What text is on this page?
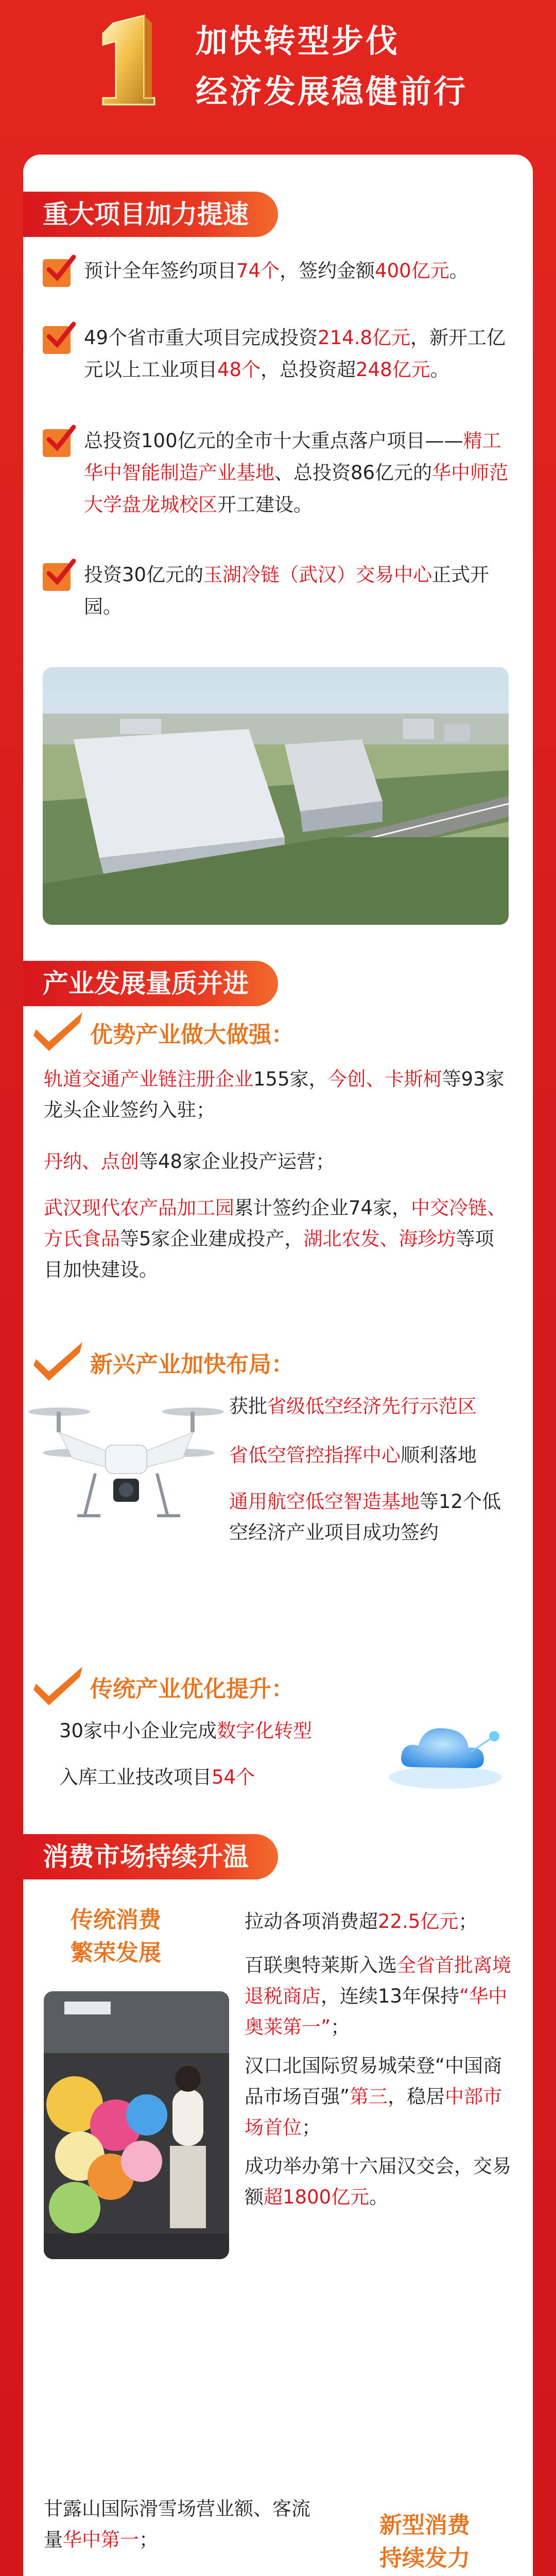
加快转型步伐
经济发展稳健前行
重大项目加力提速
预计全年签约项目74个，签约金额400亿元。
49个省市重大项目完成投资214.8亿元，新开工亿元以上工业项目48个，总投资超248亿元。
总投资100亿元的全市十大重点落户项目——精工华中智能制造产业基地、总投资86亿元的华中师范大学盘龙城校区开工建设。
投资30亿元的玉湖冷链（武汉）交易中心正式开园。
产业发展量质并进
优势产业做大做强：
轨道交通产业链注册企业155家，今创、卡斯柯等93家龙头企业签约入驻；
丹纳、点创等48家企业投产运营；
武汉现代农产品加工园累计签约企业74家，中交冷链、方氏食品等5家企业建成投产，湖北农发、海珍坊等项目加快建设。
新兴产业加快布局：
获批省级低空经济先行示范区
省低空管控指挥中心顺利落地
通用航空低空智造基地等12个低空经济产业项目成功签约
传统产业优化提升：
30家中小企业完成数字化转型
入库工业技改项目54个
消费市场持续升温
传统消费
繁荣发展
拉动各项消费超22.5亿元；
百联奥特莱斯入选全省首批离境退税商店，连续13年保持“华中奥莱第一”；
汉口北国际贸易城荣登“中国商品市场百强”第三，稳居中部市场首位；
成功举办第十六届汉交会，交易额超1800亿元。
新型消费
持续发力
甘露山国际滑雪场营业额、客流量华中第一；
